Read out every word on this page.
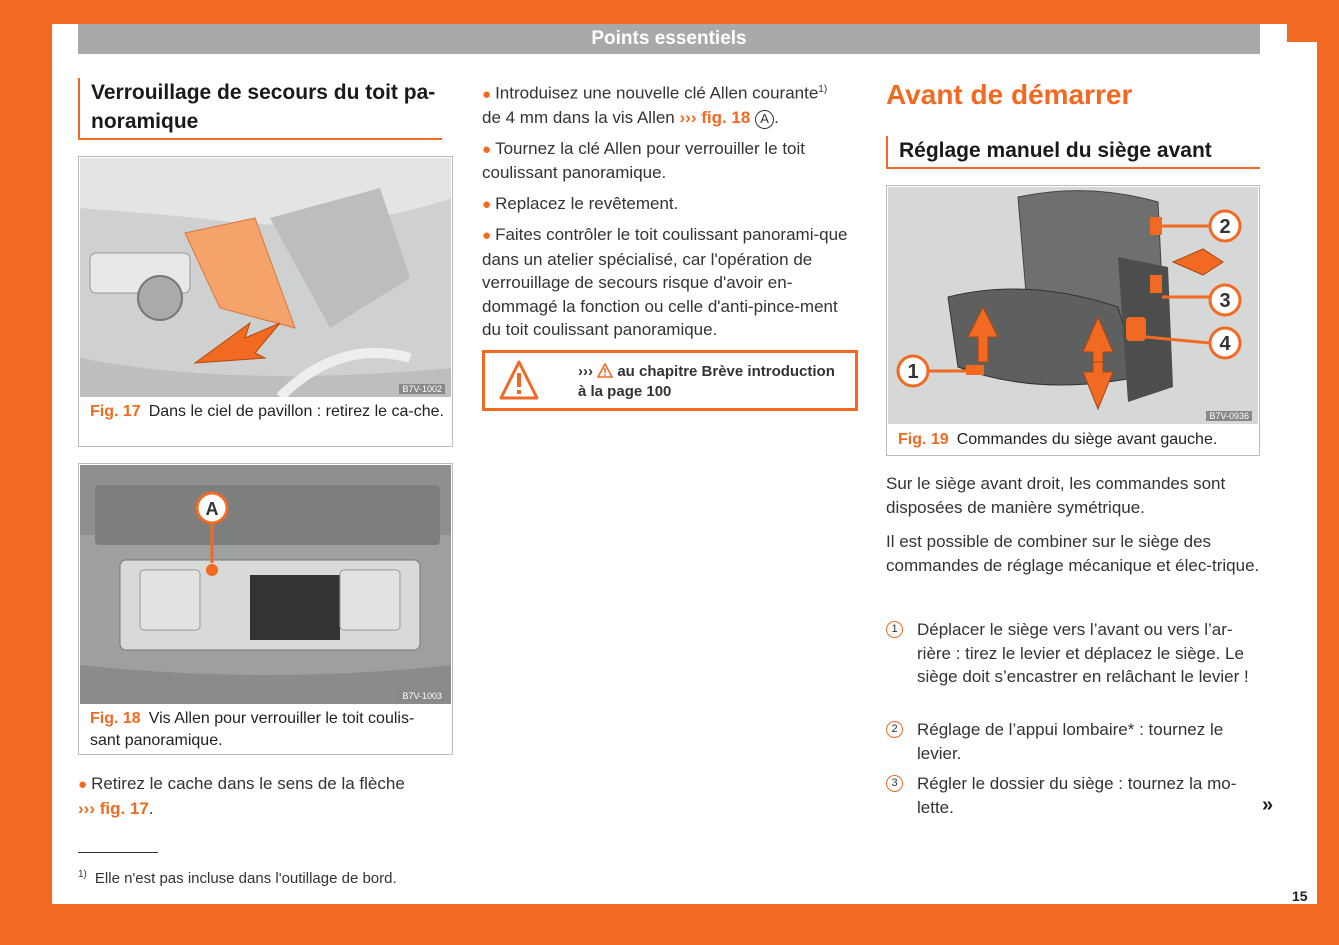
Points essentiels
Verrouillage de secours du toit pa-
noramique
B7V-1002
Fig. 17 Dans le ciel de pavillon : retirez le ca-che.
A
B7V-1003
Fig. 18 Vis Allen pour verrouiller le toit coulis-sant panoramique.
● Retirez le cache dans le sens de la flèche
››› fig. 17.

● Introduisez une nouvelle clé Allen courante$^{1)}$
de 4 mm dans la vis Allen ››› fig. 18 A .

● Tournez la clé Allen pour verrouiller le toit coulissant panoramique.

● Replacez le revêtement.

● Faites contrôler le toit coulissant panorami-que dans un atelier spécialisé, car l'opération de verrouillage de secours risque d'avoir en-dommagé la fonction ou celle d'anti-pince-ment du toit coulissant panoramique.

››› au chapitre Brève introduction
à la page 100
Avant de démarrer
Réglage manuel du siège avant
1
2
3
4
B7V-0936
Fig. 19 Commandes du siège avant gauche.

Sur le siège avant droit, les commandes sont disposées de manière symétrique.

Il est possible de combiner sur le siège des commandes de réglage mécanique et élec-trique.

1	Déplacer le siège vers l’avant ou vers l’ar-rière : tirez le levier et déplacez le siège. Le siège doit s’encastrer en relâchant le levier !
2	Réglage de l’appui lombaire* : tournez le levier.
3	Régler le dossier du siège : tournez la mo-lette.	»
$^{1)}$ Elle n'est pas incluse dans l'outillage de bord.
15
